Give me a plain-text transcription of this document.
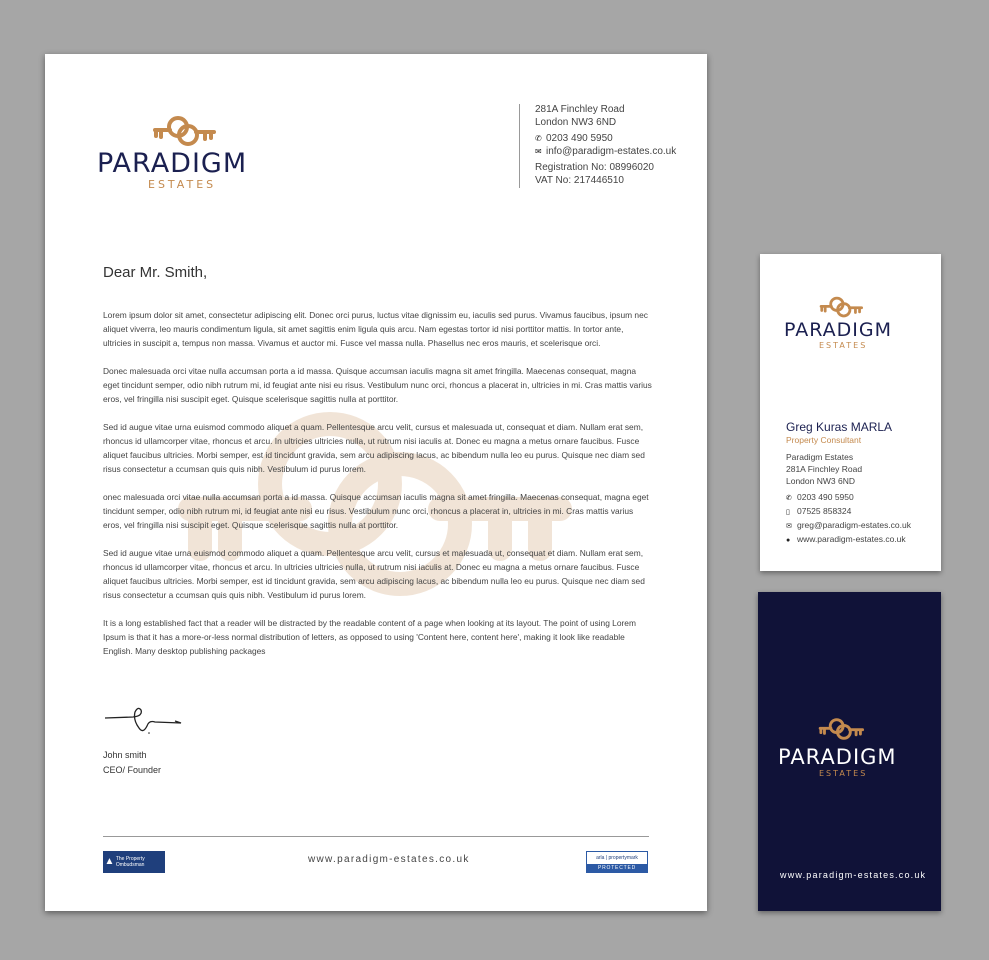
PARADIGM
ESTATES
281A Finchley Road
London NW3 6ND
✆ 0203 490 5950
✉ info@paradigm-estates.co.uk
Registration No: 08996020
VAT No: 217446510
Dear Mr. Smith,

Lorem ipsum dolor sit amet, consectetur adipiscing elit. Donec orci purus, luctus vitae dignissim eu, iaculis sed purus. Vivamus faucibus, ipsum nec aliquet viverra, leo mauris condimentum ligula, sit amet sagittis enim ligula quis arcu. Nam egestas tortor id nisi porttitor mattis. In tortor ante, ultricies in suscipit a, tempus non massa. Vivamus et auctor mi. Fusce vel massa nulla. Phasellus nec eros mauris, et scelerisque orci.

Donec malesuada orci vitae nulla accumsan porta a id massa. Quisque accumsan iaculis magna sit amet fringilla. Maecenas consequat, magna eget tincidunt semper, odio nibh rutrum mi, id feugiat ante nisi eu risus. Vestibulum nunc orci, rhoncus a placerat in, ultricies in mi. Cras mattis varius eros, vel fringilla nisi suscipit eget. Quisque scelerisque sagittis nulla at porttitor.

Sed id augue vitae urna euismod commodo aliquet a quam. Pellentesque arcu velit, cursus et malesuada ut, consequat et diam. Nullam erat sem, rhoncus id ullamcorper vitae, rhoncus et arcu. In ultricies ultricies nulla, ut rutrum nisi iaculis at. Donec eu magna a metus ornare faucibus. Fusce aliquet faucibus ultricies. Morbi semper, est id tincidunt gravida, sem arcu adipiscing lacus, ac bibendum nulla leo eu purus. Quisque nec diam sed risus consectetur a ccumsan quis quis nibh. Vestibulum id purus lorem.

onec malesuada orci vitae nulla accumsan porta a id massa. Quisque accumsan iaculis magna sit amet fringilla. Maecenas consequat, magna eget tincidunt semper, odio nibh rutrum mi, id feugiat ante nisi eu risus. Vestibulum nunc orci, rhoncus a placerat in, ultricies in mi. Cras mattis varius eros, vel fringilla nisi suscipit eget. Quisque scelerisque sagittis nulla at porttitor.

Sed id augue vitae urna euismod commodo aliquet a quam. Pellentesque arcu velit, cursus et malesuada ut, consequat et diam. Nullam erat sem, rhoncus id ullamcorper vitae, rhoncus et arcu. In ultricies ultricies nulla, ut rutrum nisi iaculis at. Donec eu magna a metus ornare faucibus. Fusce aliquet faucibus ultricies. Morbi semper, est id tincidunt gravida, sem arcu adipiscing lacus, ac bibendum nulla leo eu purus. Quisque nec diam sed risus consectetur a ccumsan quis quis nibh. Vestibulum id purus lorem.

It is a long established fact that a reader will be distracted by the readable content of a page when looking at its layout. The point of using Lorem Ipsum is that it has a more-or-less normal distribution of letters, as opposed to using 'Content here, content here', making it look like readable English. Many desktop publishing packages

John smith
CEO/ Founder
▲ The Property Ombudsman	www.paradigm-estates.co.uk	arla | propertymark
PROTECTED
PARADIGM
ESTATES
Greg Kuras MARLA
Property Consultant
Paradigm Estates
281A Finchley Road
London NW3 6ND
✆ 0203 490 5950
▯ 07525 858324
✉ greg@paradigm-estates.co.uk
● www.paradigm-estates.co.uk
PARADIGM
ESTATES
www.paradigm-estates.co.uk
